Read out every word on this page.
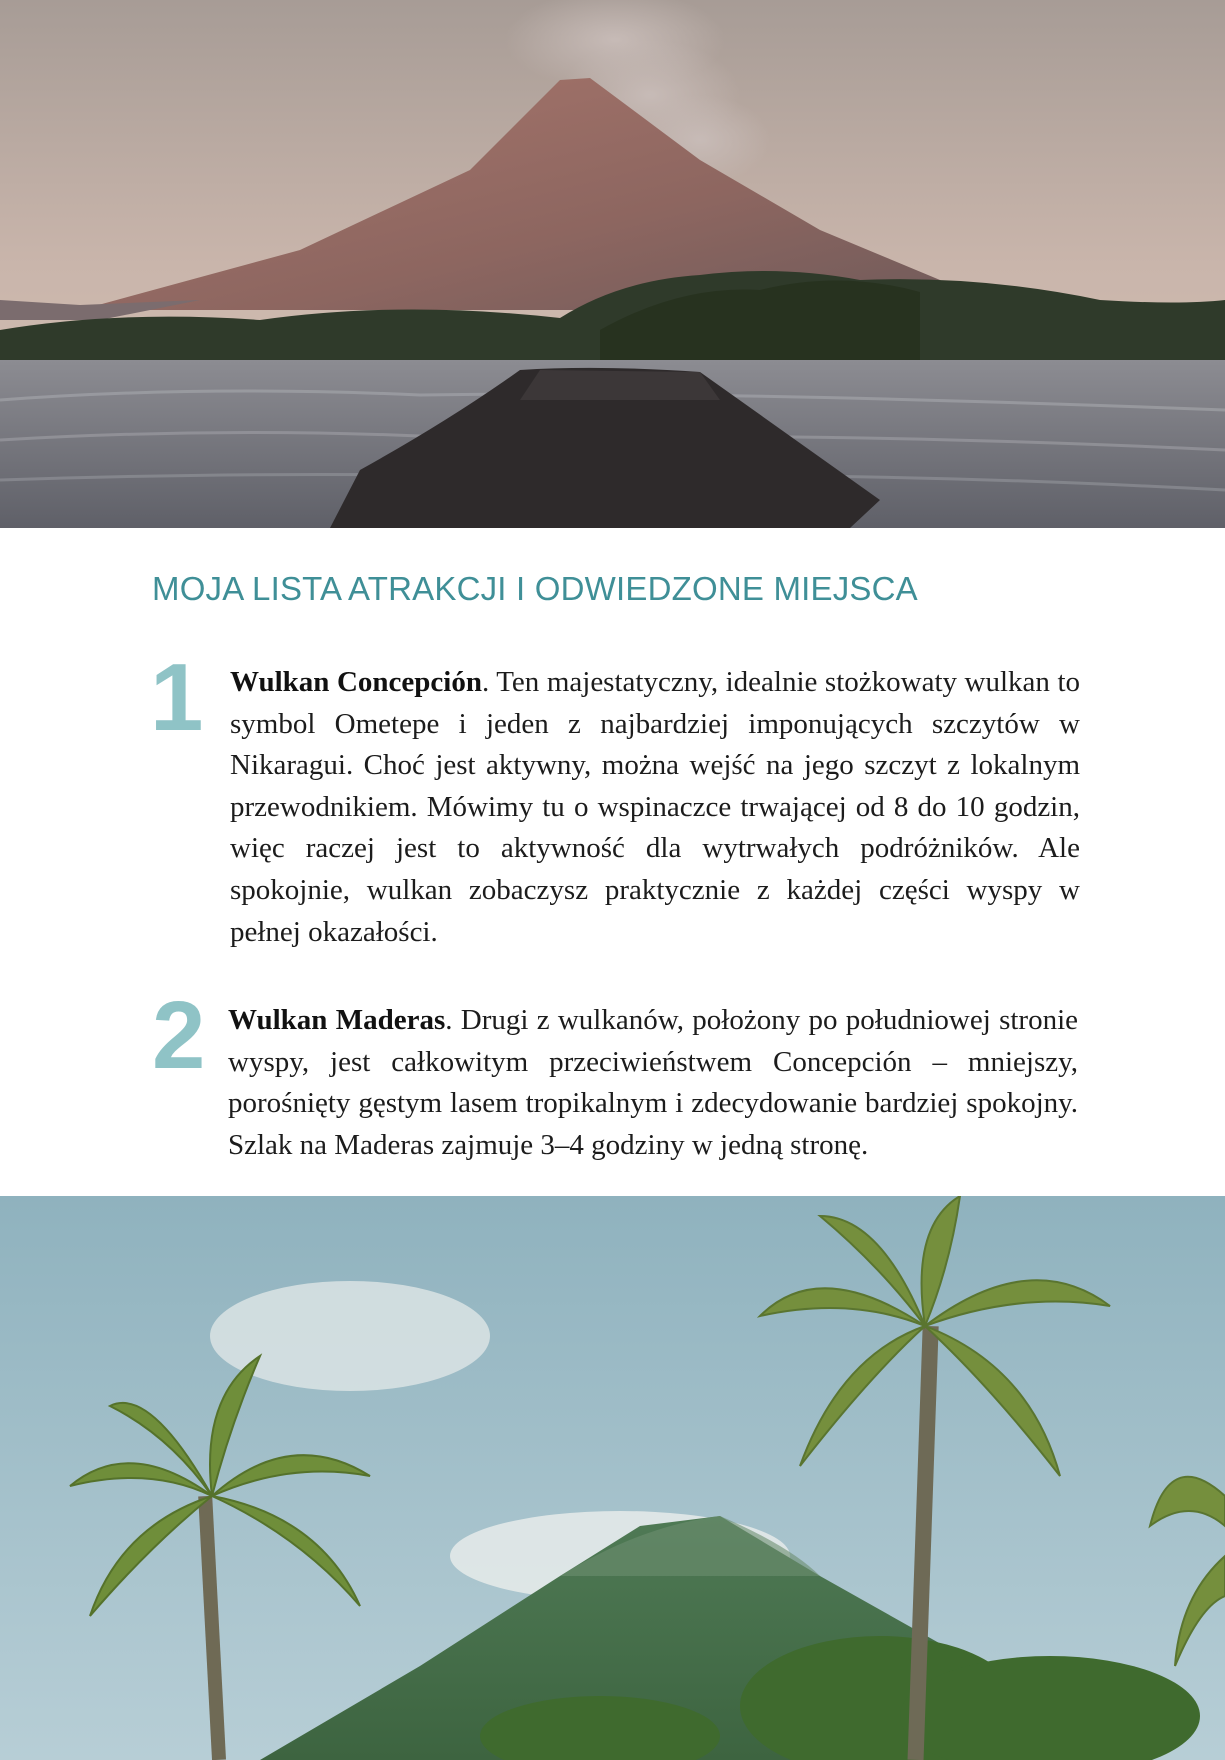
MOJA LISTA ATRAKCJI I ODWIEDZONE MIEJSCA
1 Wulkan Concepción. Ten majestatyczny, idealnie stożkowaty wulkan to symbol Ometepe i jeden z najbardziej imponujących szczytów w Nikaragui. Choć jest aktywny, można wejść na jego szczyt z lokalnym przewodnikiem. Mówimy tu o wspinaczce trwającej od 8 do 10 godzin, więc raczej jest to aktywność dla wytrwałych podróżników. Ale spokojnie, wulkan zobaczysz praktycznie z każdej części wyspy w pełnej okazałości.
2 Wulkan Maderas. Drugi z wulkanów, położony po południowej stronie wyspy, jest całkowitym przeciwieństwem Concepción – mniejszy, porośnięty gęstym lasem tropikalnym i zdecydowanie bardziej spokojny. Szlak na Maderas zajmuje 3–4 godziny w jedną stronę.
